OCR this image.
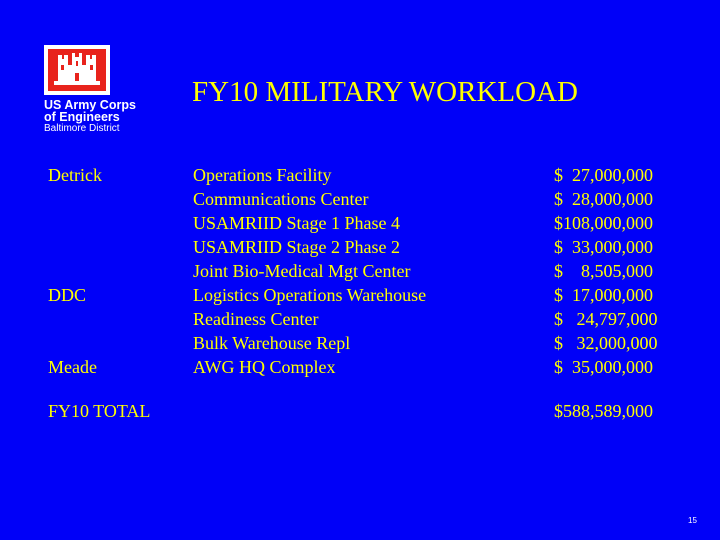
US Army Corps
of Engineers
Baltimore District
FY10 MILITARY WORKLOAD
Detrick
DDC
Meade
Operations Facility
Communications Center
USAMRIID Stage 1 Phase 4
USAMRIID Stage 2 Phase 2
Joint Bio-Medical Mgt Center
Logistics Operations Warehouse
Readiness Center
Bulk Warehouse Repl
AWG HQ Complex
$  27,000,000
$  28,000,000
$108,000,000
$  33,000,000
$    8,505,000
$  17,000,000
$   24,797,000
$   32,000,000
$  35,000,000
FY10 TOTAL	$588,589,000
15
